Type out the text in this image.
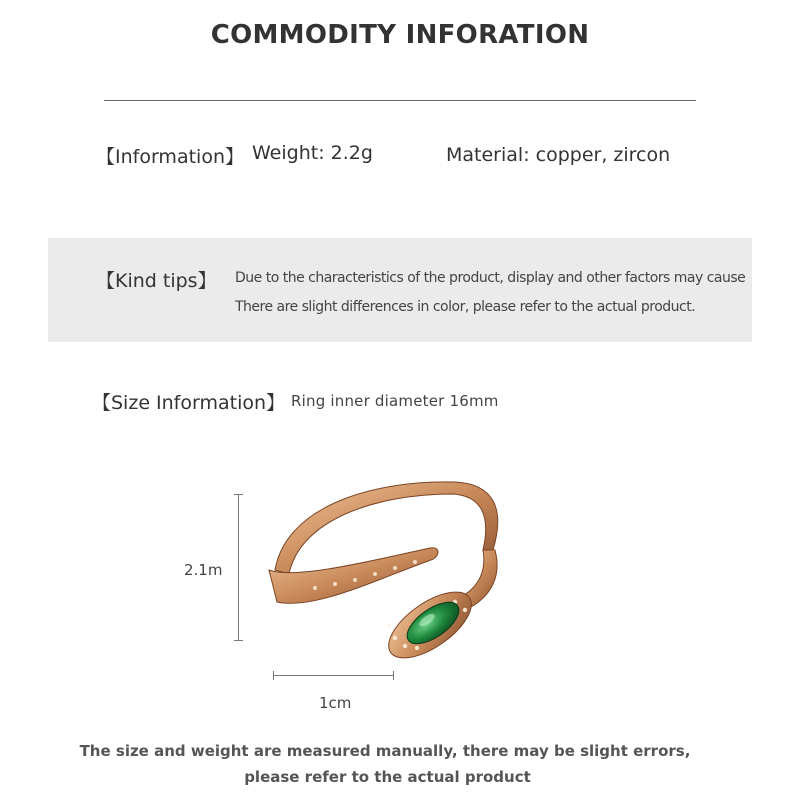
COMMODITY INFORATION
【Information】 Weight: 2.2g	Material: copper, zircon
【Kind tips】 Due to the characteristics of the product, display and other factors may cause
There are slight differences in color, please refer to the actual product.
【Size Information】 Ring inner diameter 16mm
2.1m
1cm
The size and weight are measured manually, there may be slight errors,
please refer to the actual product
